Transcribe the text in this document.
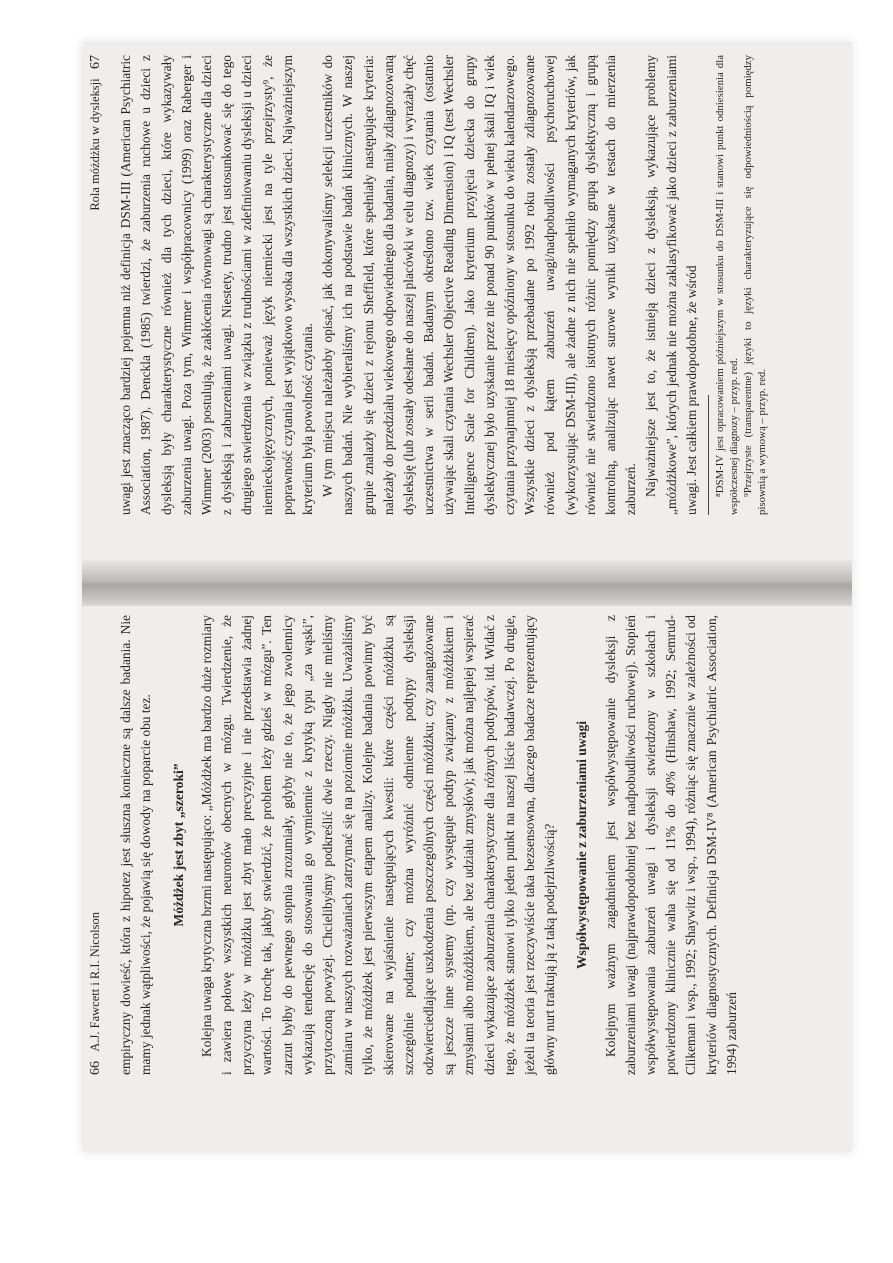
66   A.J. Fawcett i R.I. Nicolson	empiryczny dowieść, która z hipotez jest słuszna konieczne są dalsze badania. Nie mamy jednak wątpliwości, że pojawią się dowody na poparcie obu tez. Móżdżek jest zbyt „szeroki” Kolejna uwaga krytyczna brzmi następująco: „Móżdżek ma bardzo duże rozmiary i zawiera połowę wszystkich neuronów obecnych w mózgu. Twierdzenie, że przyczyna leży w móżdżku jest zbyt mało precyzyjne i nie przedstawia żadnej wartości. To trochę tak, jakby stwierdzić, że problem leży gdzieś w mózgu”. Ten zarzut byłby do pewnego stopnia zrozumiały, gdyby nie to, że jego zwolennicy wykazują tendencję do stosowania go wymiennie z krytyką typu „za wąski”, przytoczoną powyżej. Chcielibyśmy podkreślić dwie rzeczy. Nigdy nie mieliśmy zamiaru w naszych rozważaniach zatrzymać się na poziomie móżdżku. Uważaliśmy tylko, że móżdżek jest pierwszym etapem analizy. Kolejne badania powinny być skierowane na wyjaśnienie następujących kwestii: które części móżdżku są szczególnie podatne; czy można wyróżnić odmienne podtypy dysleksji odzwierciedlające uszkodzenia poszczególnych części móżdżku; czy zaangażowane są jeszcze inne systemy (np. czy występuje podtyp związany z móżdżkiem i zmysłami albo móżdżkiem, ale bez udziału zmysłów); jak można najlepiej wspierać dzieci wykazujące zaburzenia charakterystyczne dla różnych podtypów, itd. Widać z tego, że móżdżek stanowi tylko jeden punkt na naszej liście badawczej. Po drugie, jeżeli ta teoria jest rzeczywiście taka bezsensowna, dlaczego badacze reprezentujący główny nurt traktują ją z taką podejrzliwością? Współwystępowanie z zaburzeniami uwagi Kolejnym ważnym zagadnieniem jest współwystępowanie dysleksji z zaburzeniami uwagi (najprawdopodobniej bez nadpobudliwości ruchowej). Stopień współwystępowania zaburzeń uwagi i dysleksji stwierdzony w szkołach i potwierdzony klinicznie waha się od 11% do 40% (Hinshaw, 1992; Semrud-Clikeman i wsp., 1992; Shaywitz i wsp., 1994), różniąc się znacznie w zależności od kryteriów diagnostycznych. Definicja DSM-IV⁸ (American Psychiatric Association, 1994) zaburzeń

Rola móżdżku w dysleksji   67 uwagi jest znacząco bardziej pojemna niż definicja DSM-III (American Psychiatric Association, 1987). Denckla (1985) twierdzi, że zaburzenia ruchowe u dzieci z dysleksją były charakterystyczne również dla tych dzieci, które wykazywały zaburzenia uwagi. Poza tym, Wimmer i współpracownicy (1999) oraz Raberger i Wimmer (2003) postulują, że zakłócenia równowagi są charakterystyczne dla dzieci z dysleksją i zaburzeniami uwagi. Niestety, trudno jest ustosunkować się do tego drugiego stwierdzenia w związku z trudnościami w zdefiniowaniu dysleksji u dzieci niemieckojęzycznych, ponieważ język niemiecki jest na tyle przejrzysty⁹, że poprawność czytania jest wyjątkowo wysoka dla wszystkich dzieci. Najważniejszym kryterium była powolność czytania. W tym miejscu należałoby opisać, jak dokonywaliśmy selekcji uczestników do naszych badań. Nie wybieraliśmy ich na podstawie badań klinicznych. W naszej grupie znalazły się dzieci z rejonu Sheffield, które spełniały następujące kryteria: należały do przedziału wiekowego odpowiedniego dla badania, miały zdiagnozowaną dysleksję (lub zostały odesłane do naszej placówki w celu diagnozy) i wyrażały chęć uczestnictwa w serii badań. Badanym określono tzw. wiek czytania (ostatnio używając skali czytania Wechsler Objective Reading Dimension) i IQ (test Wechsler Intelligence Scale for Children). Jako kryterium przyjęcia dziecka do grupy dyslektycznej było uzyskanie przez nie ponad 90 punktów w pełnej skali IQ i wiek czytania przynajmniej 18 miesięcy opóźniony w stosunku do wieku kalendarzowego. Wszystkie dzieci z dysleksją przebadane po 1992 roku zostały zdiagnozowane również pod kątem zaburzeń uwagi/nadpobudliwości psychoruchowej (wykorzystując DSM-III), ale żadne z nich nie spełniło wymaganych kryteriów, jak również nie stwierdzono istotnych różnic pomiędzy grupą dyslektyczną i grupą kontrolną, analizując nawet surowe wyniki uzyskane w testach do mierzenia zaburzeń. Najważniejsze jest to, że istnieją dzieci z dysleksją, wykazujące problemy „móżdżkowe”, których jednak nie można zaklasyfikować jako dzieci z zaburzeniami uwagi. Jest całkiem prawdopodobne, że wśród ⁸DSM-IV jest opracowaniem późniejszym w stosunku do DSM-III i stanowi punkt odniesienia dla współczesnej diagnozy – przyp. red. ⁹Przejrzyste (transparentne) języki to języki charakteryzujące się odpowiedniością pomiędzy pisownią a wymową – przyp. red.
